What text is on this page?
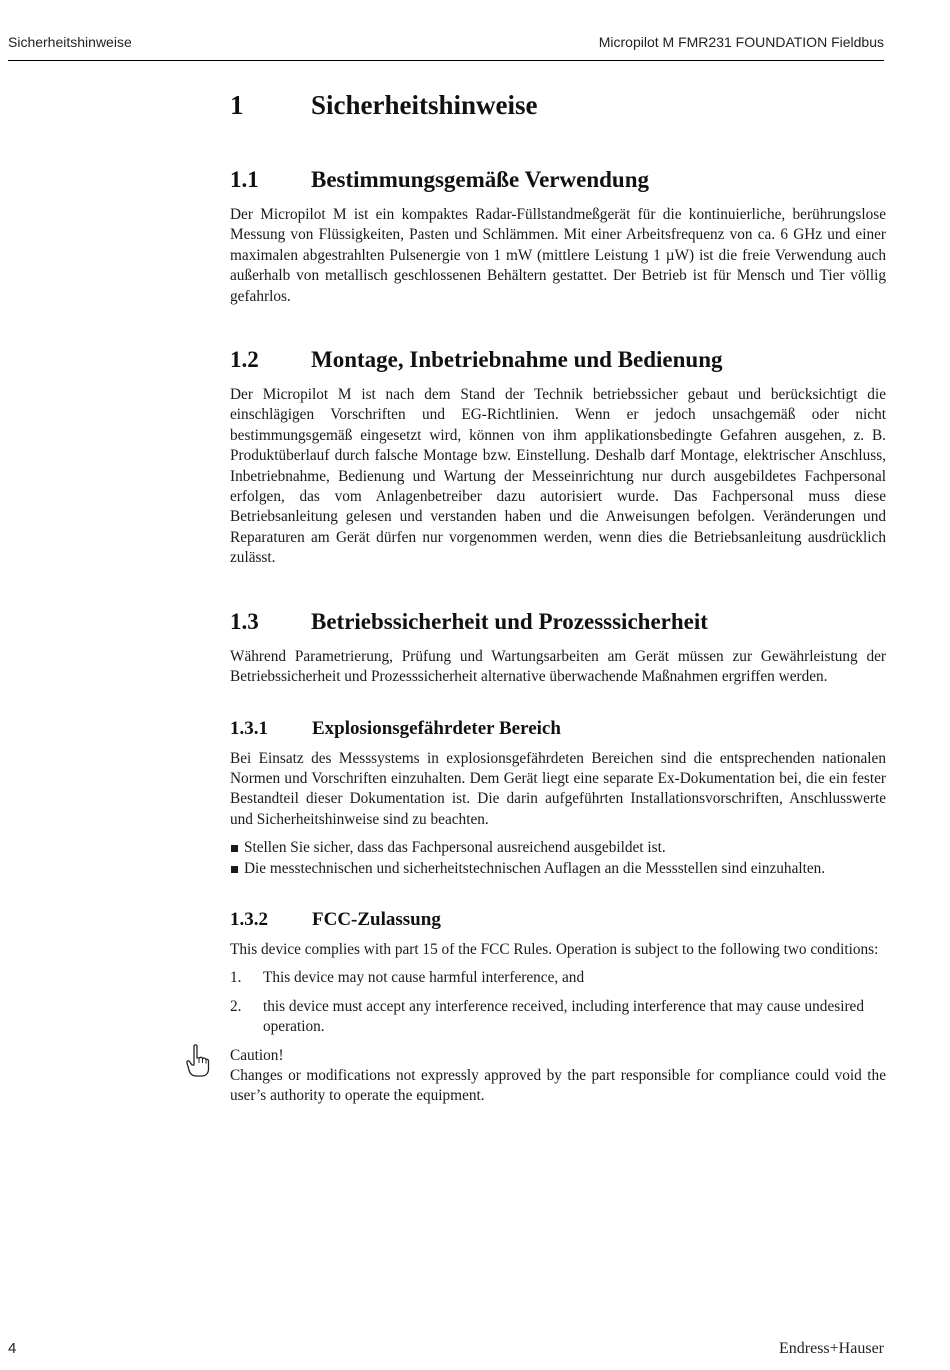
Sicherheitshinweise	Micropilot M FMR231 FOUNDATION Fieldbus
1	Sicherheitshinweise
1.1 Bestimmungsgemäße Verwendung

Der Micropilot M ist ein kompaktes Radar-Füllstandmeßgerät für die kontinuierliche, berührungslose Messung von Flüssigkeiten, Pasten und Schlämmen. Mit einer Arbeitsfrequenz von ca. 6 GHz und einer maximalen abgestrahlten Pulsenergie von 1 mW (mittlere Leistung 1 µW) ist die freie Verwendung auch außerhalb von metallisch geschlossenen Behältern gestattet. Der Betrieb ist für Mensch und Tier völlig gefahrlos.

1.2 Montage, Inbetriebnahme und Bedienung

Der Micropilot M ist nach dem Stand der Technik betriebssicher gebaut und berücksichtigt die einschlägigen Vorschriften und EG-Richtlinien. Wenn er jedoch unsachgemäß oder nicht bestimmungsgemäß eingesetzt wird, können von ihm applikationsbedingte Gefahren ausgehen, z. B. Produktüberlauf durch falsche Montage bzw. Einstellung. Deshalb darf Montage, elektrischer Anschluss, Inbetriebnahme, Bedienung und Wartung der Messeinrichtung nur durch ausgebildetes Fachpersonal erfolgen, das vom Anlagenbetreiber dazu autorisiert wurde. Das Fachpersonal muss diese Betriebsanleitung gelesen und verstanden haben und die Anweisungen befolgen. Veränderungen und Reparaturen am Gerät dürfen nur vorgenommen werden, wenn dies die Betriebsanleitung ausdrücklich zulässt.

1.3 Betriebssicherheit und Prozesssicherheit

Während Parametrierung, Prüfung und Wartungsarbeiten am Gerät müssen zur Gewährleistung der Betriebssicherheit und Prozesssicherheit alternative überwachende Maßnahmen ergriffen werden.

1.3.1 Explosionsgefährdeter Bereich

Bei Einsatz des Messsystems in explosionsgefährdeten Bereichen sind die entsprechenden nationalen Normen und Vorschriften einzuhalten. Dem Gerät liegt eine separate Ex-Dokumentation bei, die ein fester Bestandteil dieser Dokumentation ist. Die darin aufgeführten Installationsvorschriften, Anschlusswerte und Sicherheitshinweise sind zu beachten.

Stellen Sie sicher, dass das Fachpersonal ausreichend ausgebildet ist.
Die messtechnischen und sicherheitstechnischen Auflagen an die Messstellen sind einzuhalten.
1.3.2 FCC-Zulassung

This device complies with part 15 of the FCC Rules. Operation is subject to the following two conditions:

1. This device may not cause harmful interference, and
2. this device must accept any interference received, including interference that may cause undesired operation.

Caution!

Changes or modifications not expressly approved by the part responsible for compliance could void the user’s authority to operate the equipment.

4	Endress+Hauser
